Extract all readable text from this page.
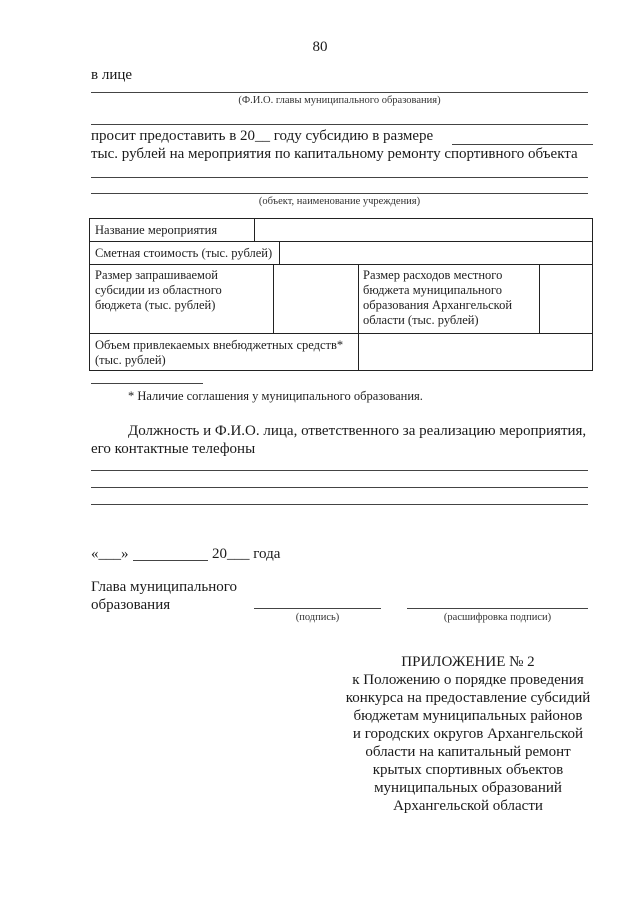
80
в лице
(Ф.И.О. главы муниципального образования)
просит предоставить в 20__ году субсидию в размере
тыс. рублей на мероприятия по капитальному ремонту спортивного объекта
(объект, наименование учреждения)
Название мероприятия
Сметная стоимость (тыс. рублей)
Размер запрашиваемой субсидии из областного бюджета (тыс. рублей)
Размер расходов местного бюджета муниципального образования Архангельской области (тыс. рублей)
Объем привлекаемых внебюджетных средств* (тыс. рублей)
* Наличие соглашения у муниципального образования.
Должность и Ф.И.О. лица, ответственного за реализацию мероприятия,
его контактные телефоны
«___»	20___ года
Глава муниципального
образования
(подпись)	(расшифровка подписи)
ПРИЛОЖЕНИЕ № 2
к Положению о порядке проведения
конкурса на предоставление субсидий
бюджетам муниципальных районов
и городских округов Архангельской
области на капитальный ремонт
крытых спортивных объектов
муниципальных образований
Архангельской области
